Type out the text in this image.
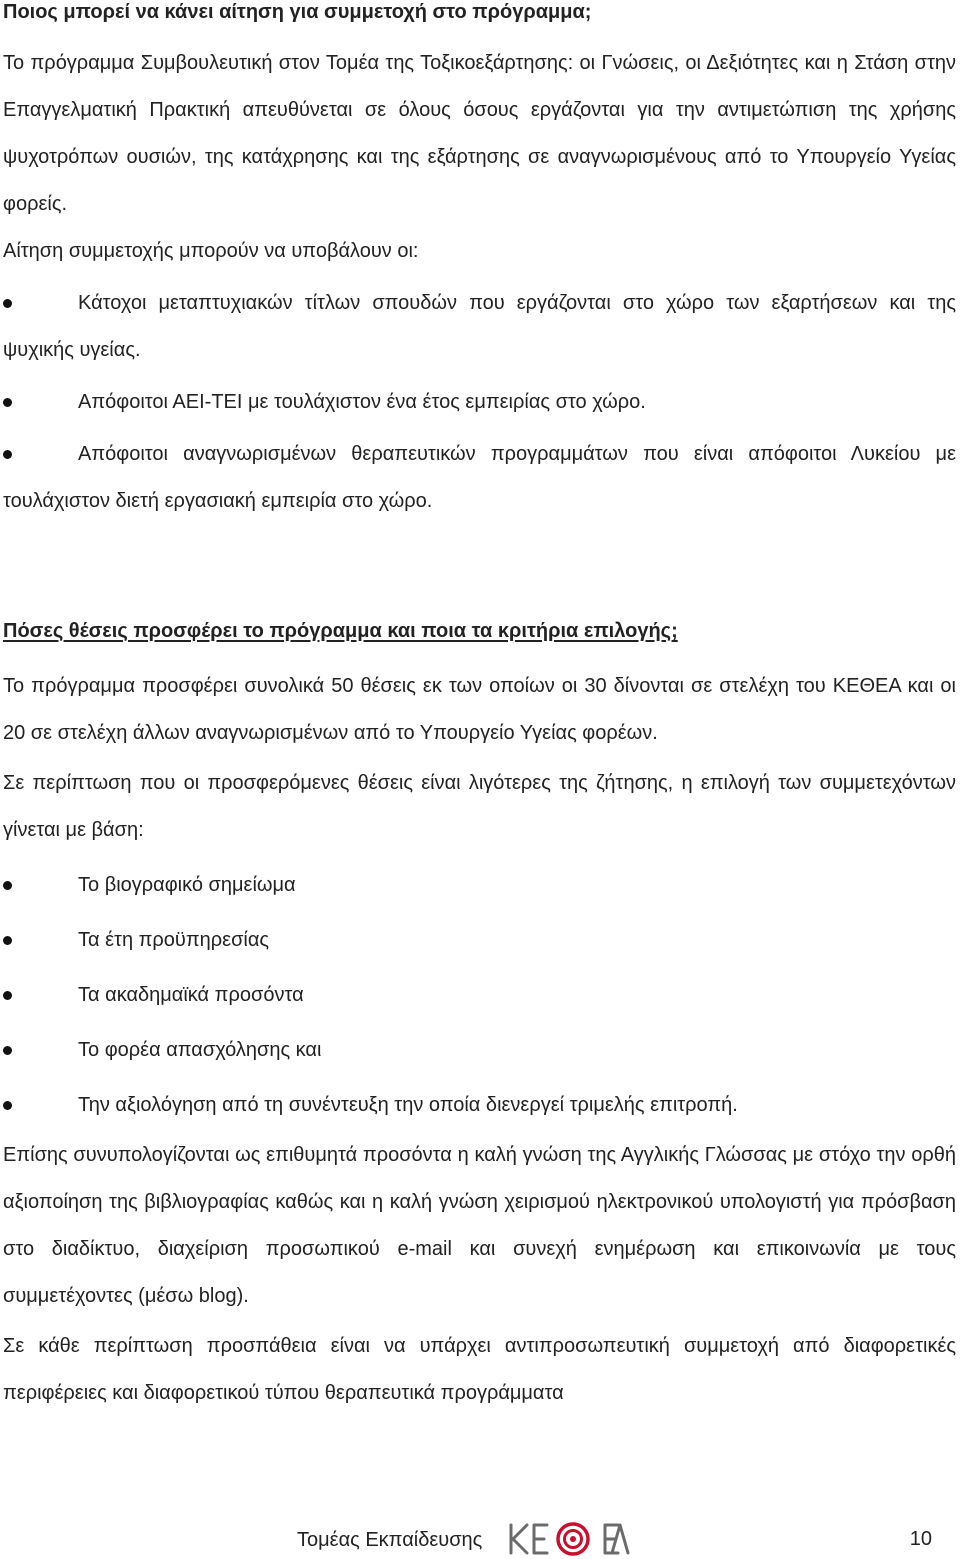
Ποιος μπορεί να κάνει αίτηση για συμμετοχή στο πρόγραμμα;

Το πρόγραμμα Συμβουλευτική στον Τομέα της Τοξικοεξάρτησης: οι Γνώσεις, οι Δεξιότητες και η Στάση στην Επαγγελματική Πρακτική απευθύνεται σε όλους όσους εργάζονται για την αντιμετώπιση της χρήσης ψυχοτρόπων ουσιών, της κατάχρησης και της εξάρτησης σε αναγνωρισμένους από το Υπουργείο Υγείας φορείς.

Αίτηση συμμετοχής μπορούν να υποβάλουν οι:

Κάτοχοι μεταπτυχιακών τίτλων σπουδών που εργάζονται στο χώρο των εξαρτήσεων και της ψυχικής υγείας.

Απόφοιτοι ΑΕΙ-ΤΕΙ με τουλάχιστον ένα έτος εμπειρίας στο χώρο.

Απόφοιτοι αναγνωρισμένων θεραπευτικών προγραμμάτων που είναι απόφοιτοι Λυκείου με τουλάχιστον διετή εργασιακή εμπειρία στο χώρο.

Πόσες θέσεις προσφέρει το πρόγραμμα και ποια τα κριτήρια επιλογής;

Το πρόγραμμα προσφέρει συνολικά 50 θέσεις εκ των οποίων οι 30 δίνονται σε στελέχη του ΚΕΘΕΑ και οι 20 σε στελέχη άλλων αναγνωρισμένων από το Υπουργείο Υγείας φορέων.

Σε περίπτωση που οι προσφερόμενες θέσεις είναι λιγότερες της ζήτησης, η επιλογή των συμμετεχόντων γίνεται με βάση:

Το βιογραφικό σημείωμα

Τα έτη προϋπηρεσίας

Τα ακαδημαϊκά προσόντα

Το φορέα απασχόλησης και

Την αξιολόγηση από τη συνέντευξη την οποία διενεργεί τριμελής επιτροπή.

Επίσης συνυπολογίζονται ως επιθυμητά προσόντα η καλή γνώση της Αγγλικής Γλώσσας με στόχο την ορθή αξιοποίηση της βιβλιογραφίας καθώς και η καλή γνώση χειρισμού ηλεκτρονικού υπολογιστή για πρόσβαση στο διαδίκτυο, διαχείριση προσωπικού e-mail και συνεχή ενημέρωση και επικοινωνία με τους συμμετέχοντες (μέσω blog).

Σε κάθε περίπτωση προσπάθεια είναι να υπάρχει αντιπροσωπευτική συμμετοχή από διαφορετικές περιφέρειες και διαφορετικού τύπου θεραπευτικά προγράμματα

Τομέας Εκπαίδευσης	10
